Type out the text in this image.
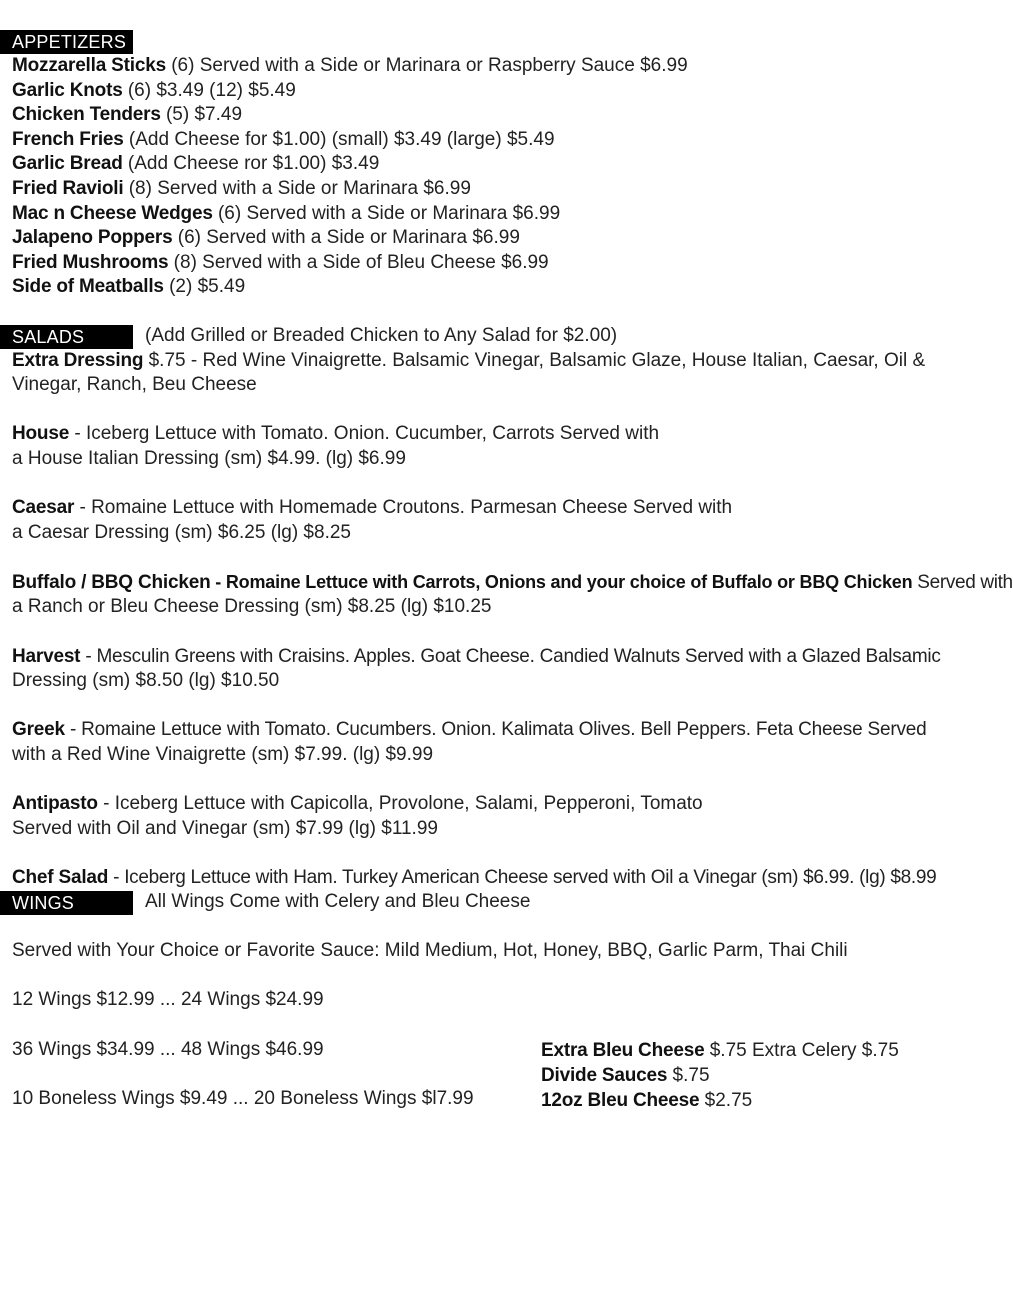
APPETIZERS
Mozzarella Sticks (6) Served with a Side or Marinara or Raspberry Sauce $6.99
Garlic Knots (6) $3.49 (12) $5.49
Chicken Tenders (5) $7.49
French Fries (Add Cheese for $1.00) (small) $3.49 (large) $5.49
Garlic Bread (Add Cheese ror $1.00) $3.49
Fried Ravioli (8) Served with a Side or Marinara $6.99
Mac n Cheese Wedges (6) Served with a Side or Marinara $6.99
Jalapeno Poppers (6) Served with a Side or Marinara $6.99
Fried Mushrooms (8) Served with a Side of Bleu Cheese $6.99
Side of Meatballs (2) $5.49
SALADS	(Add Grilled or Breaded Chicken to Any Salad for $2.00)
Extra Dressing $.75 - Red Wine Vinaigrette. Balsamic Vinegar, Balsamic Glaze, House Italian, Caesar, Oil & Vinegar, Ranch, Beu Cheese
House - Iceberg Lettuce with Tomato. Onion. Cucumber, Carrots Served with
a House Italian Dressing (sm) $4.99. (lg) $6.99
Caesar - Romaine Lettuce with Homemade Croutons. Parmesan Cheese Served with
a Caesar Dressing (sm) $6.25 (lg) $8.25
Buffalo / BBQ Chicken - Romaine Lettuce with Carrots, Onions and your choice of Buffalo or BBQ Chicken Served with
a Ranch or Bleu Cheese Dressing (sm) $8.25 (lg) $10.25
Harvest - Mesculin Greens with Craisins. Apples. Goat Cheese. Candied Walnuts Served with a Glazed Balsamic
Dressing (sm) $8.50 (lg) $10.50
Greek - Romaine Lettuce with Tomato. Cucumbers. Onion. Kalimata Olives. Bell Peppers. Feta Cheese Served
with a Red Wine Vinaigrette (sm) $7.99. (lg) $9.99
Antipasto - Iceberg Lettuce with Capicolla, Provolone, Salami, Pepperoni, Tomato
Served with Oil and Vinegar (sm) $7.99 (lg) $11.99
Chef Salad - Iceberg Lettuce with Ham. Turkey American Cheese served with Oil a Vinegar (sm) $6.99. (lg) $8.99
WINGS	All Wings Come with Celery and Bleu Cheese
Served with Your Choice or Favorite Sauce: Mild Medium, Hot, Honey, BBQ, Garlic Parm, Thai Chili
12 Wings $12.99 ... 24 Wings $24.99
36 Wings $34.99 ... 48 Wings $46.99
10 Boneless Wings $9.49 ... 20 Boneless Wings $l7.99
Extra Bleu Cheese $.75 Extra Celery $.75
Divide Sauces $.75
12oz Bleu Cheese $2.75
